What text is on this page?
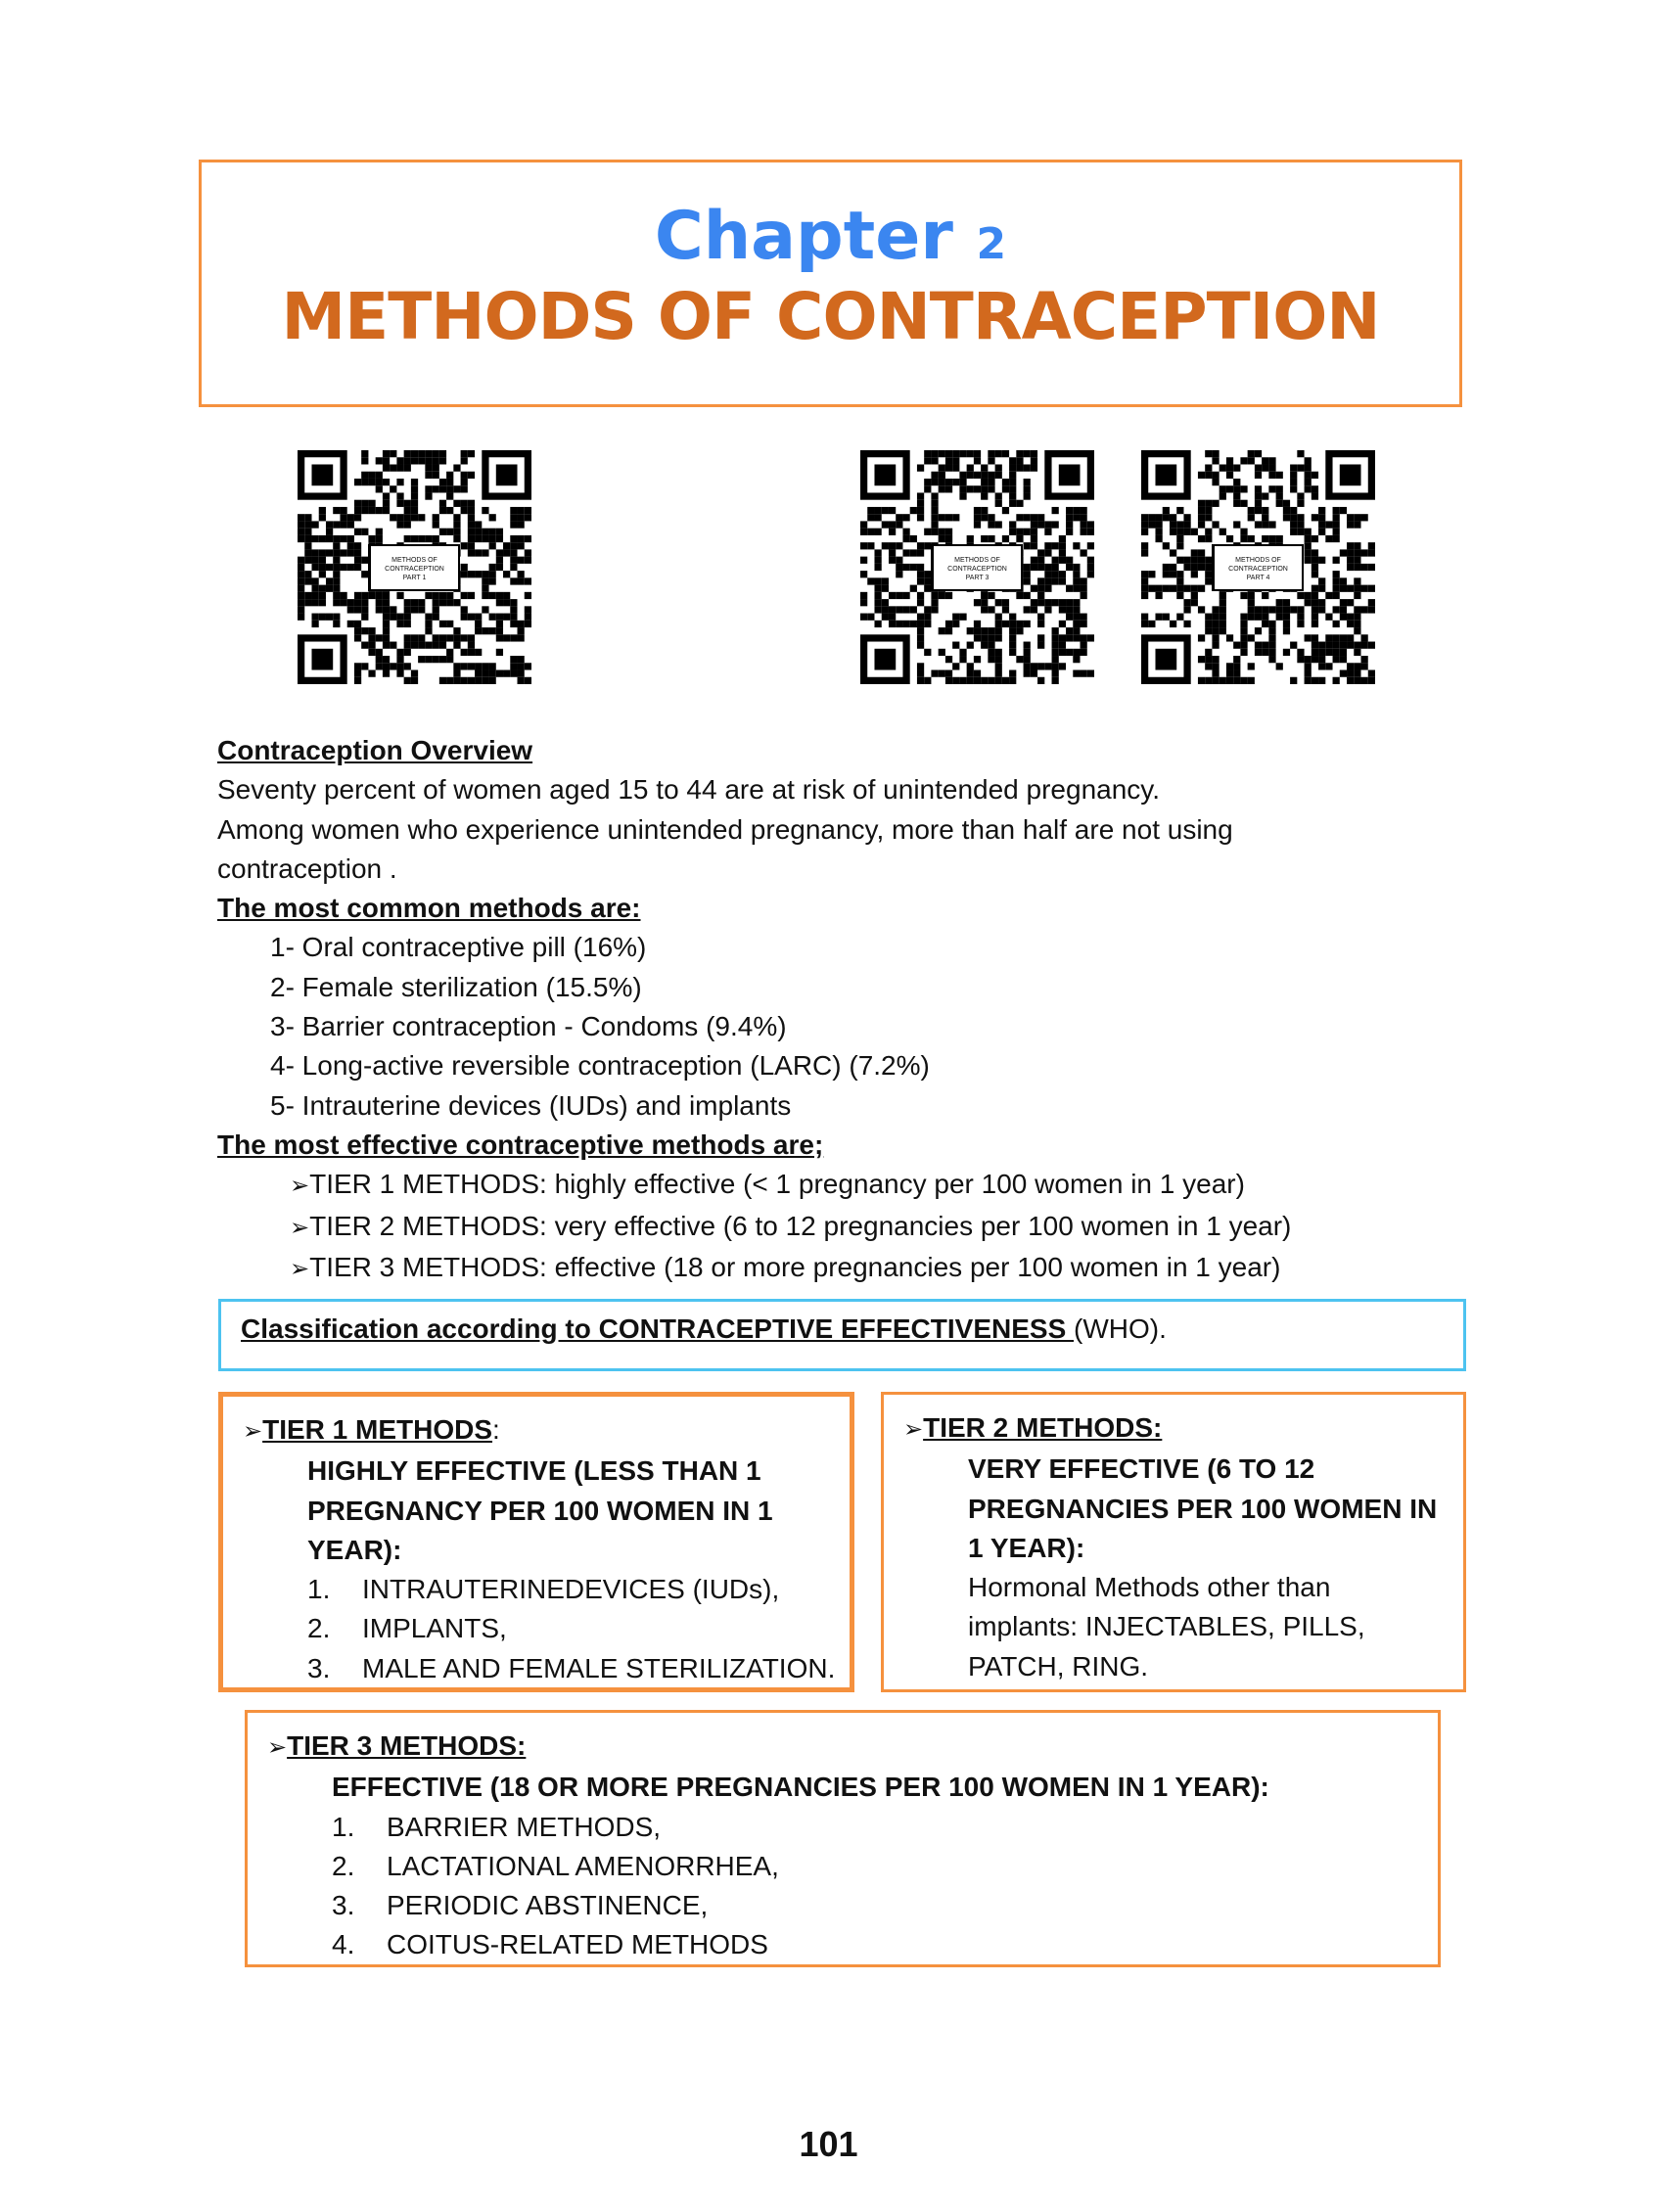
Chapter 2
METHODS OF CONTRACEPTION
METHODS OF
CONTRACEPTION
PART 1
METHODS OF
CONTRACEPTION
PART 3
METHODS OF
CONTRACEPTION
PART 4
Contraception Overview
Seventy percent of women aged 15 to 44 are at risk of unintended pregnancy.
Among women who experience unintended pregnancy, more than half are not using
contraception .
The most common methods are:
1- Oral contraceptive pill (16%)
2- Female sterilization (15.5%)
3- Barrier contraception - Condoms (9.4%)
4- Long-active reversible contraception (LARC) (7.2%)
5- Intrauterine devices (IUDs) and implants
The most effective contraceptive methods are;
➢TIER 1 METHODS: highly effective (< 1 pregnancy per 100 women in 1 year)
➢TIER 2 METHODS: very effective (6 to 12 pregnancies per 100 women in 1 year)
➢TIER 3 METHODS: effective (18 or more pregnancies per 100 women in 1 year)
Classification according to CONTRACEPTIVE EFFECTIVENESS (WHO).
➢TIER 1 METHODS:
HIGHLY EFFECTIVE (LESS THAN 1
PREGNANCY PER 100 WOMEN IN 1
YEAR):
1. INTRAUTERINEDEVICES (IUDs),
2. IMPLANTS,
3. MALE AND FEMALE STERILIZATION.
➢TIER 2 METHODS:
VERY EFFECTIVE (6 TO 12
PREGNANCIES PER 100 WOMEN IN
1 YEAR):
Hormonal Methods other than
implants: INJECTABLES, PILLS,
PATCH, RING.
➢TIER 3 METHODS:
EFFECTIVE (18 OR MORE PREGNANCIES PER 100 WOMEN IN 1 YEAR):
1. BARRIER METHODS,
2. LACTATIONAL AMENORRHEA,
3. PERIODIC ABSTINENCE,
4. COITUS-RELATED METHODS
101
